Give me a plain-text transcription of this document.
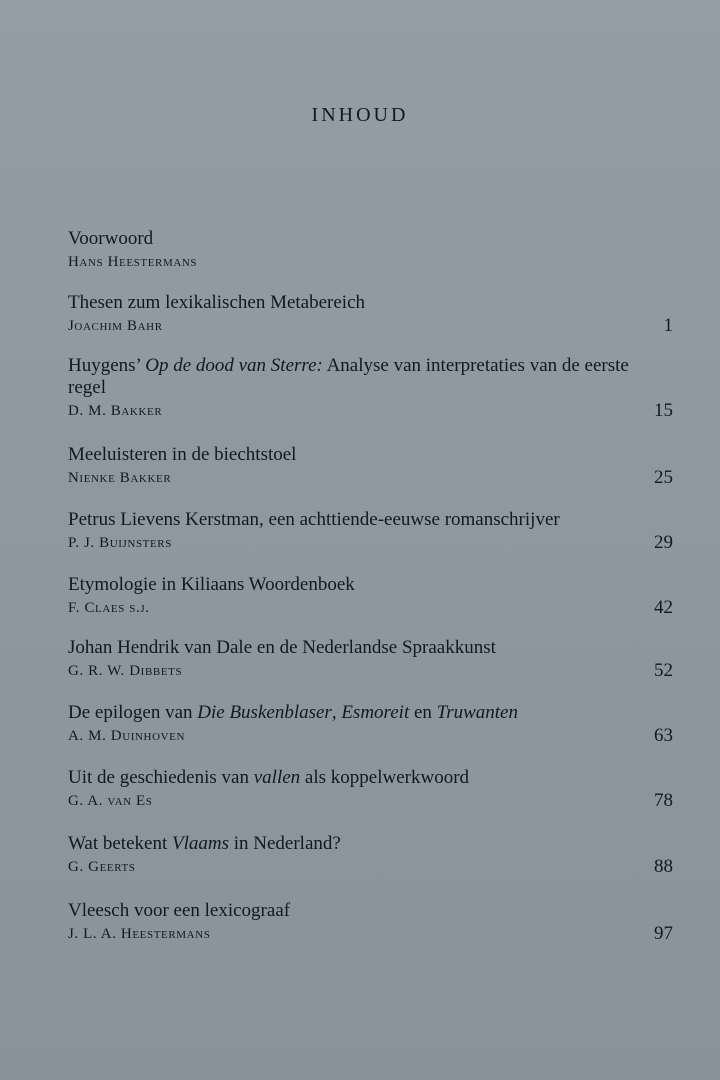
INHOUD
Voorwoord
Hans Heestermans
Thesen zum lexikalischen Metabereich
Joachim Bahr	1
Huygens’ Op de dood van Sterre: Analyse van interpretaties van de eerste regel
D. M. Bakker	15
Meeluisteren in de biechtstoel
Nienke Bakker	25
Petrus Lievens Kerstman, een achttiende-eeuwse romanschrijver
P. J. Buijnsters	29
Etymologie in Kiliaans Woordenboek
F. Claes s.j.	42
Johan Hendrik van Dale en de Nederlandse Spraakkunst
G. R. W. Dibbets	52
De epilogen van Die Buskenblaser, Esmoreit en Truwanten
A. M. Duinhoven	63
Uit de geschiedenis van vallen als koppelwerkwoord
G. A. van Es	78
Wat betekent Vlaams in Nederland?
G. Geerts	88
Vleesch voor een lexicograaf
J. L. A. Heestermans	97
